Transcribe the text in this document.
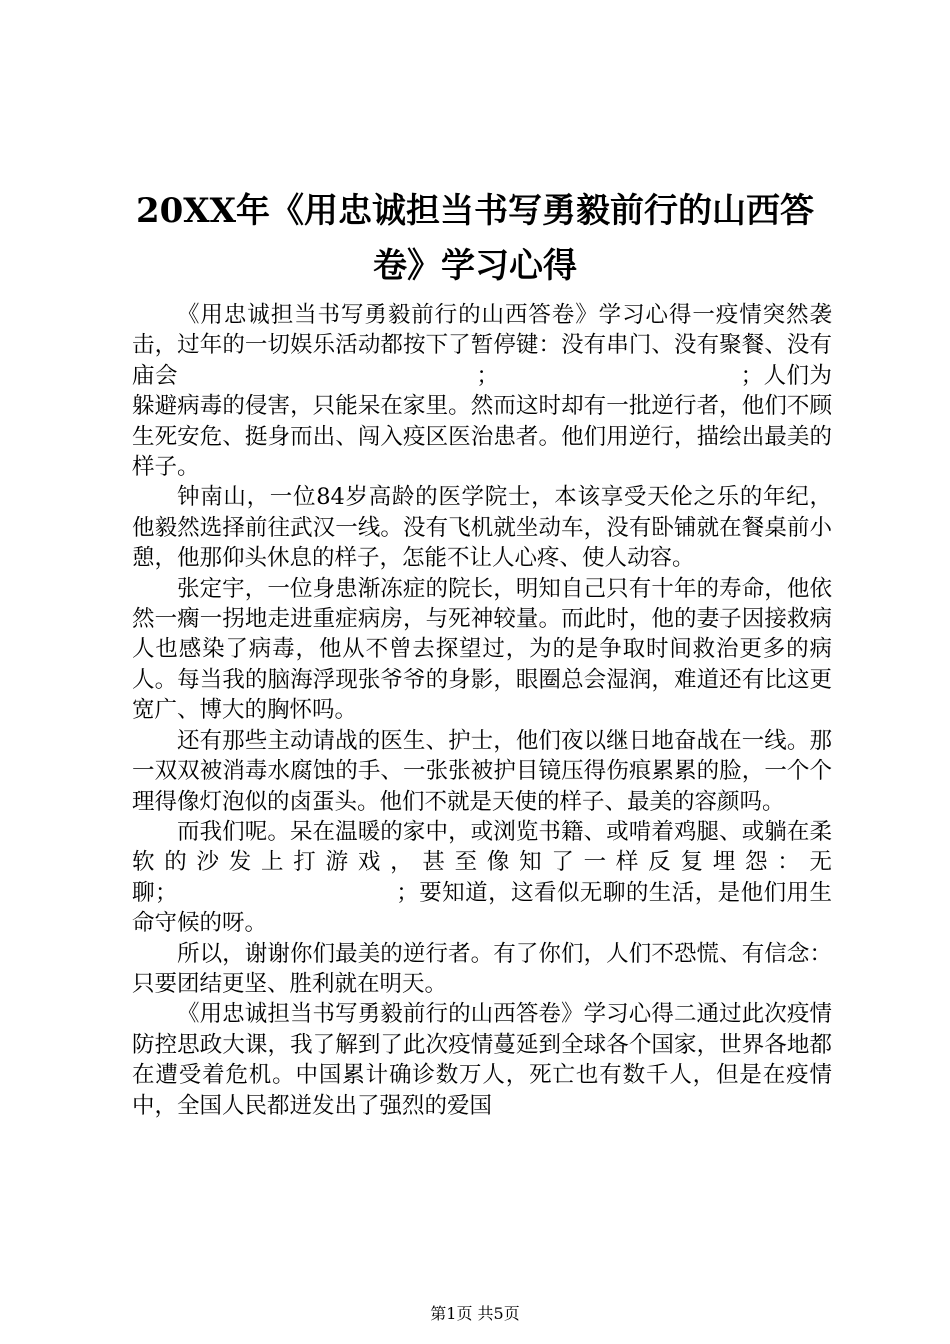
20XX年《用忠诚担当书写勇毅前行的山西答
卷》学习心得

《用忠诚担当书写勇毅前行的山西答卷》学习心得一疫情突然袭击，过年的一切娱乐活动都按下了暂停键：没有串门、没有聚餐、没有庙会　　　　　　　　　　　　　；　　　　　　　　　　　；人们为躲避病毒的侵害，只能呆在家里。然而这时却有一批逆行者，他们不顾生死安危、挺身而出、闯入疫区医治患者。他们用逆行，描绘出最美的样子。

钟南山，一位84岁高龄的医学院士，本该享受天伦之乐的年纪，他毅然选择前往武汉一线。没有飞机就坐动车，没有卧铺就在餐桌前小憩，他那仰头休息的样子，怎能不让人心疼、使人动容。

张定宇，一位身患渐冻症的院长，明知自己只有十年的寿命，他依然一瘸一拐地走进重症病房，与死神较量。而此时，他的妻子因接救病人也感染了病毒，他从不曾去探望过，为的是争取时间救治更多的病人。每当我的脑海浮现张爷爷的身影，眼圈总会湿润，难道还有比这更宽广、博大的胸怀吗。

还有那些主动请战的医生、护士，他们夜以继日地奋战在一线。那一双双被消毒水腐蚀的手、一张张被护目镜压得伤痕累累的脸，一个个理得像灯泡似的卤蛋头。他们不就是天使的样子、最美的容颜吗。

而我们呢。呆在温暖的家中，或浏览书籍、或啃着鸡腿、或躺在柔软的沙发上打游戏，甚至像知了一样反复埋怨：无聊；　　　　　　　　　　；要知道，这看似无聊的生活，是他们用生命守候的呀。

所以，谢谢你们最美的逆行者。有了你们，人们不恐慌、有信念：只要团结更坚、胜利就在明天。

《用忠诚担当书写勇毅前行的山西答卷》学习心得二通过此次疫情防控思政大课，我了解到了此次疫情蔓延到全球各个国家，世界各地都在遭受着危机。中国累计确诊数万人，死亡也有数千人，但是在疫情中，全国人民都迸发出了强烈的爱国

第1页 共5页
